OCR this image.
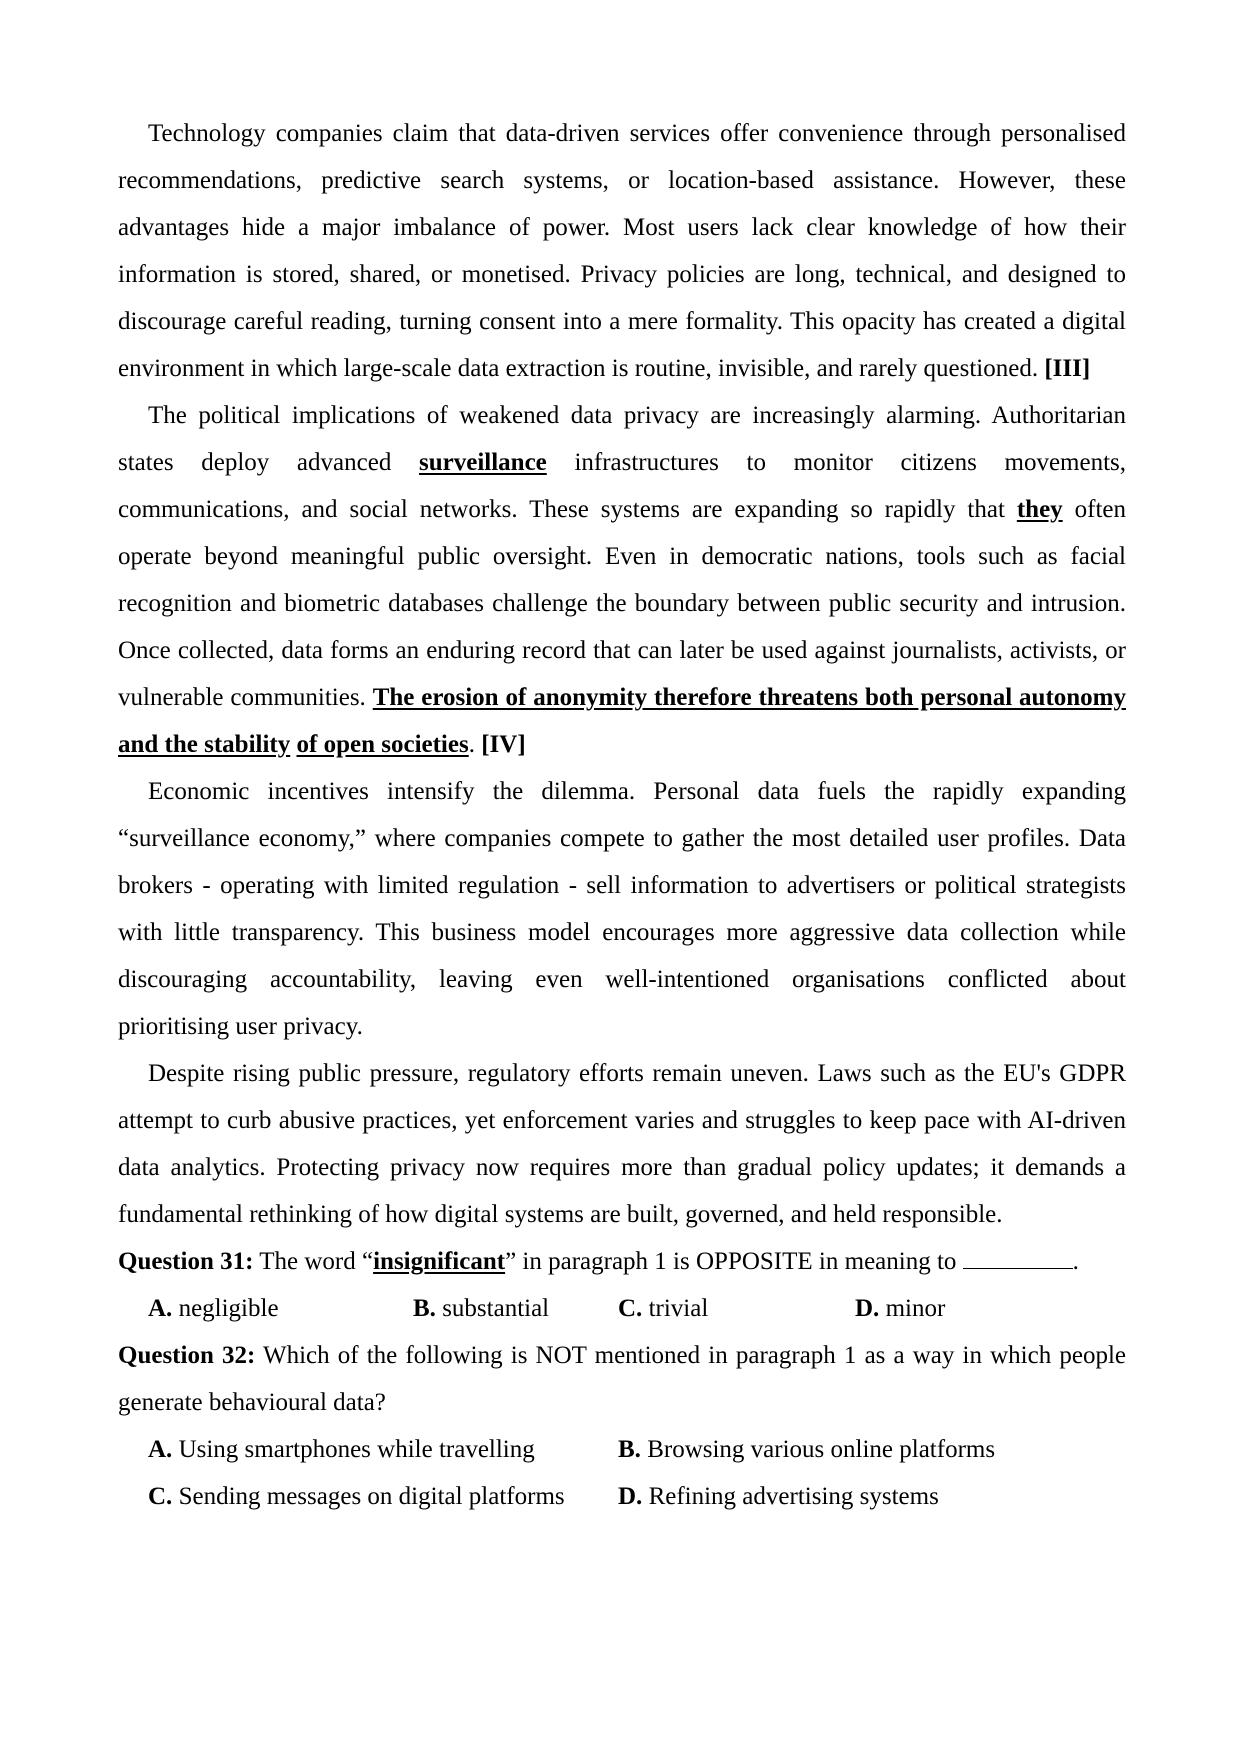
Technology companies claim that data-driven services offer convenience through personalised recommendations, predictive search systems, or location-based assistance. However, these advantages hide a major imbalance of power. Most users lack clear knowledge of how their information is stored, shared, or monetised. Privacy policies are long, technical, and designed to discourage careful reading, turning consent into a mere formality. This opacity has created a digital environment in which large-scale data extraction is routine, invisible, and rarely questioned. [III]

The political implications of weakened data privacy are increasingly alarming. Authoritarian states deploy advanced surveillance infrastructures to monitor citizens movements, communications, and social networks. These systems are expanding so rapidly that they often operate beyond meaningful public oversight. Even in democratic nations, tools such as facial recognition and biometric databases challenge the boundary between public security and intrusion. Once collected, data forms an enduring record that can later be used against journalists, activists, or vulnerable communities. The erosion of anonymity therefore threatens both personal autonomy and the stability of open societies. [IV]

Economic incentives intensify the dilemma. Personal data fuels the rapidly expanding “surveillance economy,” where companies compete to gather the most detailed user profiles. Data brokers - operating with limited regulation - sell information to advertisers or political strategists with little transparency. This business model encourages more aggressive data collection while discouraging accountability, leaving even well-intentioned organisations conflicted about prioritising user privacy.

Despite rising public pressure, regulatory efforts remain uneven. Laws such as the EU's GDPR attempt to curb abusive practices, yet enforcement varies and struggles to keep pace with AI-driven data analytics. Protecting privacy now requires more than gradual policy updates; it demands a fundamental rethinking of how digital systems are built, governed, and held responsible.

Question 31: The word “insignificant” in paragraph 1 is OPPOSITE in meaning to	.

A. negligible	B. substantial	C. trivial	D. minor

Question 32: Which of the following is NOT mentioned in paragraph 1 as a way in which people generate behavioural data?

A. Using smartphones while travelling	B. Browsing various online platforms
C. Sending messages on digital platforms	D. Refining advertising systems
